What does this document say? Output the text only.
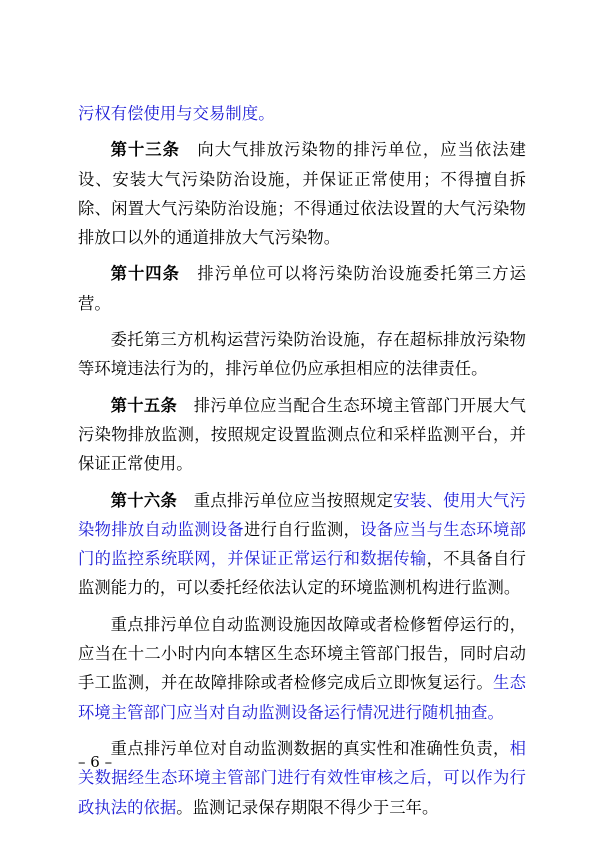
污权有偿使用与交易制度。

第十三条　向大气排放污染物的排污单位，应当依法建设、安装大气污染防治设施，并保证正常使用；不得擅自拆除、闲置大气污染防治设施；不得通过依法设置的大气污染物排放口以外的通道排放大气污染物。

第十四条　排污单位可以将污染防治设施委托第三方运营。

委托第三方机构运营污染防治设施，存在超标排放污染物等环境违法行为的，排污单位仍应承担相应的法律责任。

第十五条　排污单位应当配合生态环境主管部门开展大气污染物排放监测，按照规定设置监测点位和采样监测平台，并保证正常使用。

第十六条　重点排污单位应当按照规定安装、使用大气污染物排放自动监测设备进行自行监测，设备应当与生态环境部门的监控系统联网，并保证正常运行和数据传输，不具备自行监测能力的，可以委托经依法认定的环境监测机构进行监测。

重点排污单位自动监测设施因故障或者检修暂停运行的，应当在十二小时内向本辖区生态环境主管部门报告，同时启动手工监测，并在故障排除或者检修完成后立即恢复运行。生态环境主管部门应当对自动监测设备运行情况进行随机抽查。

重点排污单位对自动监测数据的真实性和准确性负责，相关数据经生态环境主管部门进行有效性审核之后，可以作为行政执法的依据。监测记录保存期限不得少于三年。

– 6 –
